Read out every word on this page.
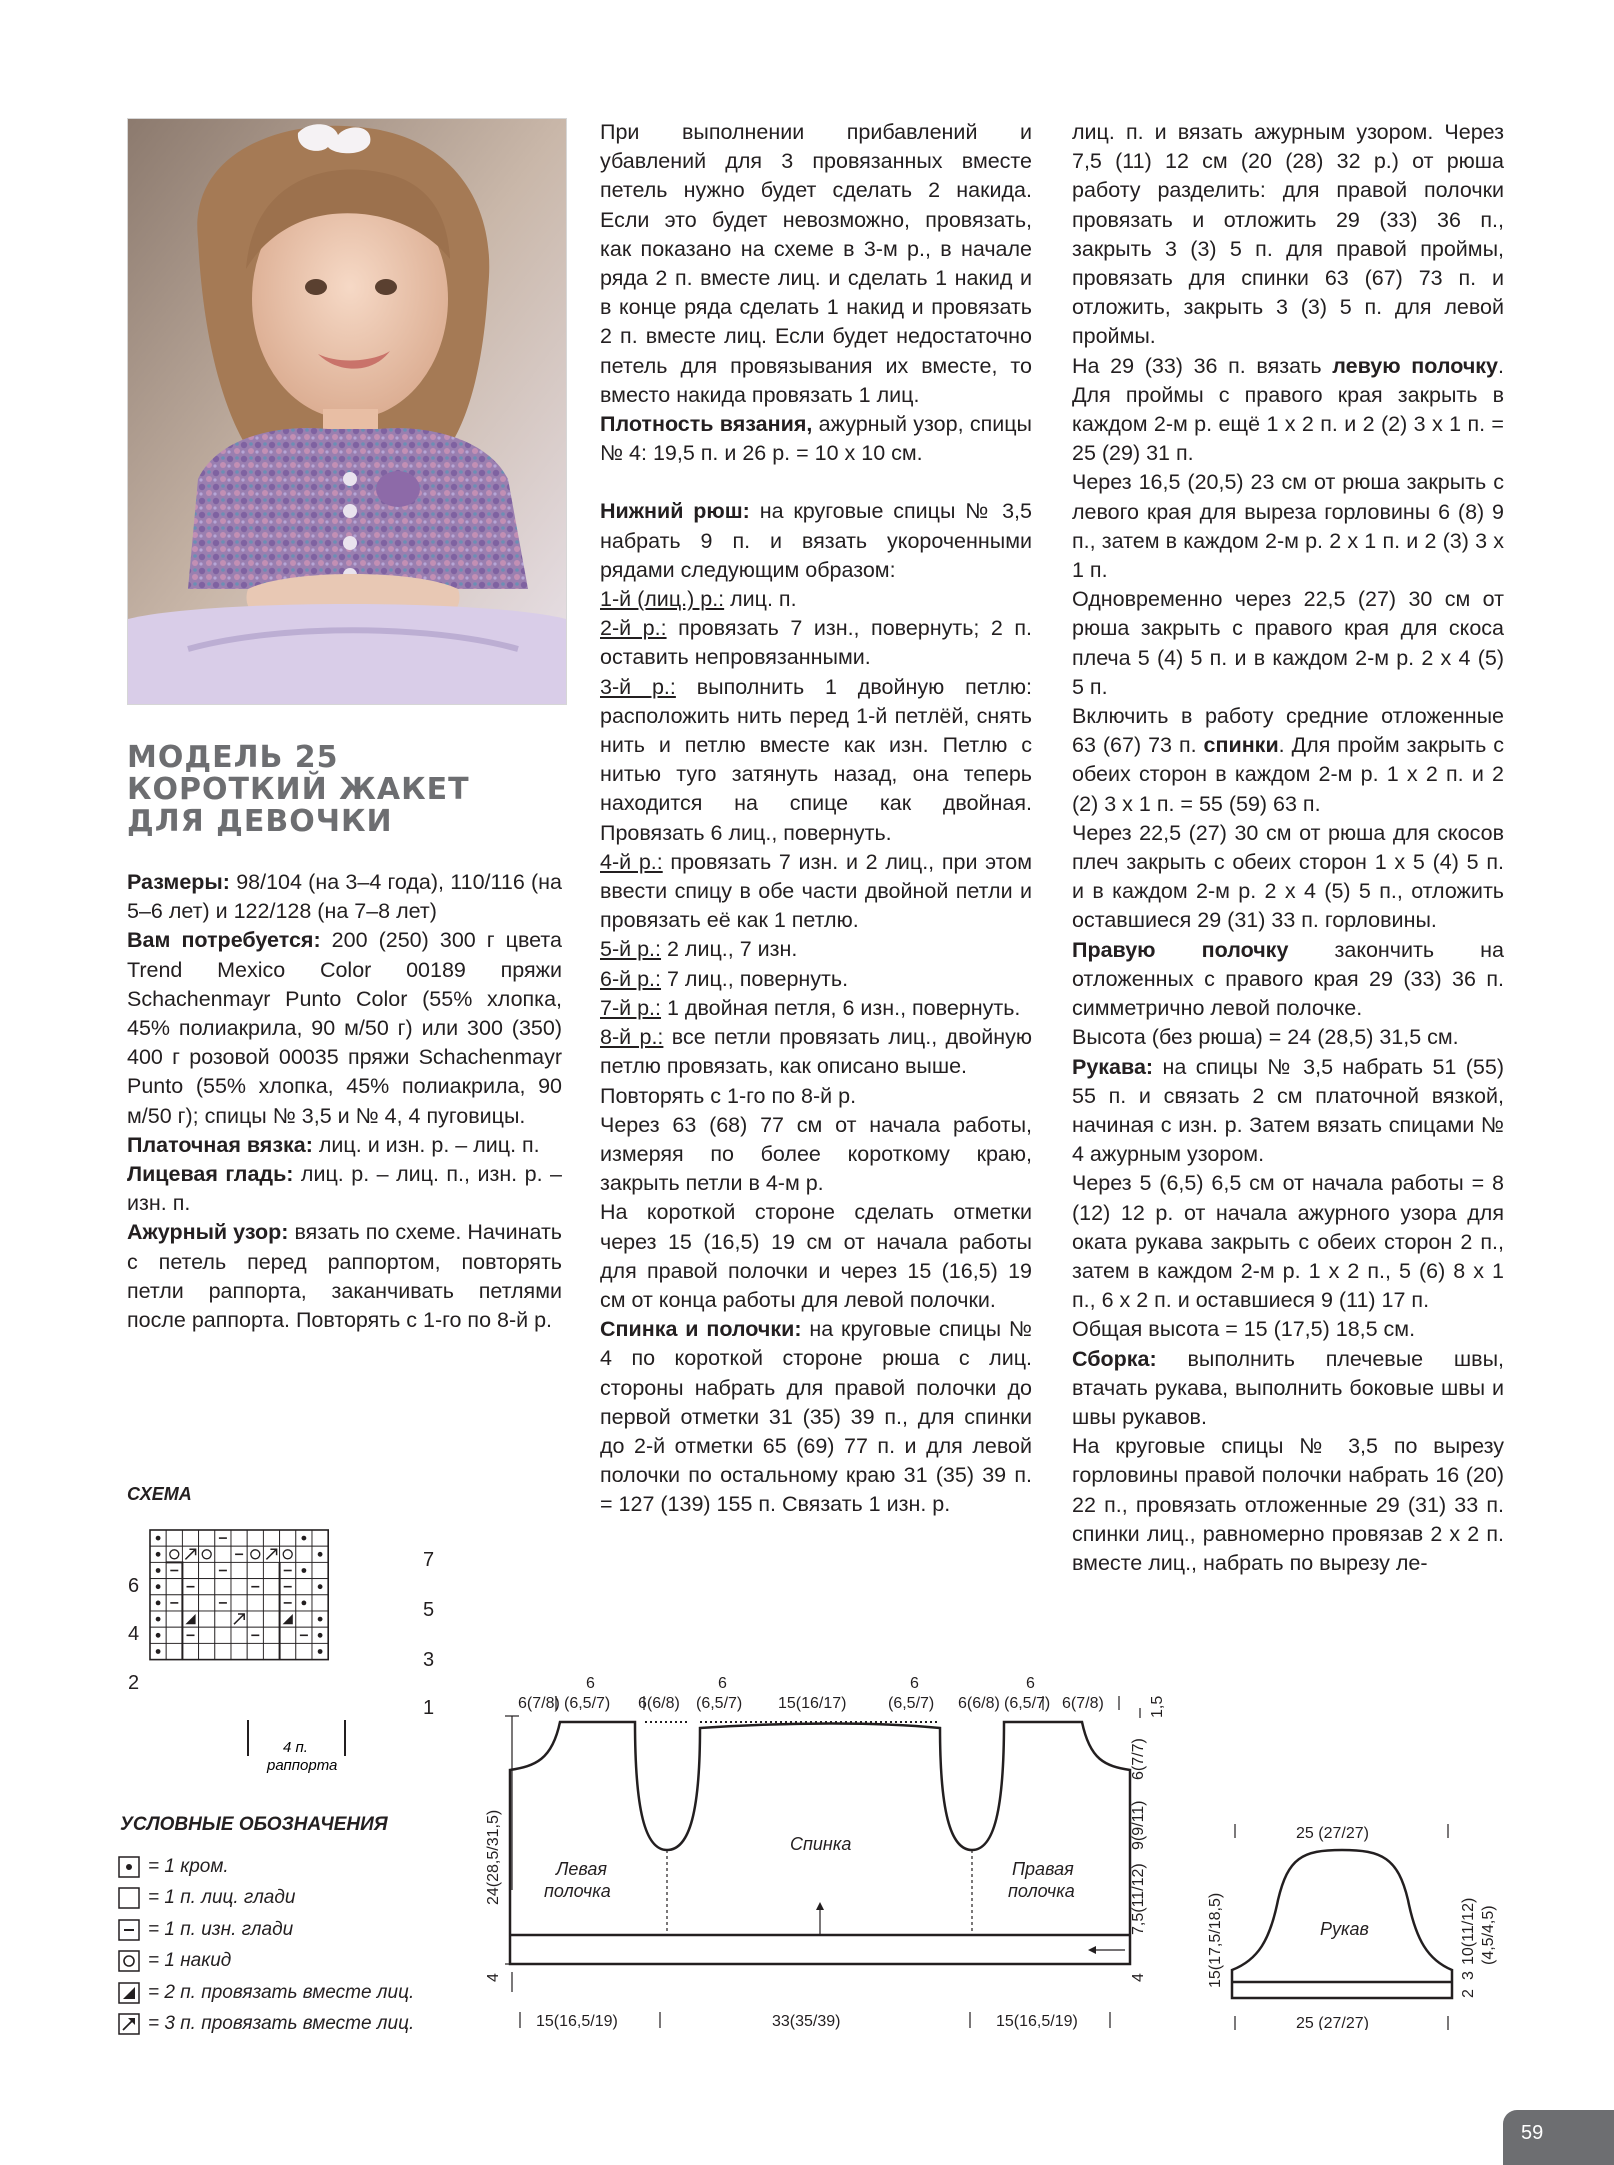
МОДЕЛЬ 25
КОРОТКИЙ ЖАКЕТ
ДЛЯ ДЕВОЧКИ

Размеры: 98/104 (на 3–4 года), 110/116 (на 5–6 лет) и 122/128 (на 7–8 лет)

Вам потребуется: 200 (250) 300 г цвета Trend Mexico Color 00189 пряжи Schachenmayr Punto Color (55% хлопка, 45% полиакрила, 90 м/50 г) или 300 (350) 400 г розовой 00035 пряжи Schachenmayr Punto (55% хлопка, 45% полиакрила, 90 м/50 г); спицы № 3,5 и № 4, 4 пуговицы.

Платочная вязка: лиц. и изн. р. – лиц. п.

Лицевая гладь: лиц. р. – лиц. п., изн. р. – изн. п.

Ажурный узор: вязать по схеме. Начинать с петель перед раппортом, повторять петли раппорта, заканчивать петлями после раппорта. Повторять с 1-го по 8-й р.

При выполнении прибавлений и убавлений для 3 провязанных вместе петель нужно будет сделать 2 накида. Если это будет невозможно, провязать, как показано на схеме в 3-м р., в начале ряда 2 п. вместе лиц. и сделать 1 накид и в конце ряда сделать 1 накид и провязать 2 п. вместе лиц. Если будет недостаточно петель для провязывания их вместе, то вместо накида провязать 1 лиц.

Плотность вязания, ажурный узор, спицы № 4: 19,5 п. и 26 р. = 10 x 10 см.

Нижний рюш: на круговые спицы № 3,5 набрать 9 п. и вязать укороченными рядами следующим образом:

1-й (лиц.) р.: лиц. п.

2-й р.: провязать 7 изн., повернуть; 2 п. оставить непровязанными.

3-й р.: выполнить 1 двойную петлю: расположить нить перед 1-й петлёй, снять нить и петлю вместе как изн. Петлю с нитью туго затянуть назад, она теперь находится на спице как двойная. Провязать 6 лиц., повернуть.

4-й р.: провязать 7 изн. и 2 лиц., при этом ввести спицу в обе части двойной петли и провязать её как 1 петлю.

5-й р.: 2 лиц., 7 изн.

6-й р.: 7 лиц., повернуть.

7-й р.: 1 двойная петля, 6 изн., повернуть.

8-й р.: все петли провязать лиц., двойную петлю провязать, как описано выше.

Повторять с 1-го по 8-й р.

Через 63 (68) 77 см от начала работы, измеряя по более короткому краю, закрыть петли в 4-м р.

На короткой стороне сделать отметки через 15 (16,5) 19 см от начала работы для правой полочки и через 15 (16,5) 19 см от конца работы для левой полочки.

Спинка и полочки: на круговые спицы № 4 по короткой стороне рюша с лиц. стороны набрать для правой полочки до первой отметки 31 (35) 39 п., для спинки до 2-й отметки 65 (69) 77 п. и для левой полочки по остальному краю 31 (35) 39 п. = 127 (139) 155 п. Связать 1 изн. р.

лиц. п. и вязать ажурным узором. Через 7,5 (11) 12 см (20 (28) 32 р.) от рюша работу разделить: для правой полочки провязать и отложить 29 (33) 36 п., закрыть 3 (3) 5 п. для правой проймы, провязать для спинки 63 (67) 73 п. и отложить, закрыть 3 (3) 5 п. для левой проймы.

На 29 (33) 36 п. вязать левую полочку. Для проймы с правого края закрыть в каждом 2-м р. ещё 1 x 2 п. и 2 (2) 3 x 1 п. = 25 (29) 31 п.

Через 16,5 (20,5) 23 см от рюша закрыть с левого края для выреза горловины 6 (8) 9 п., затем в каждом 2-м р. 2 x 1 п. и 2 (3) 3 x 1 п.

Одновременно через 22,5 (27) 30 см от рюша закрыть с правого края для скоса плеча 5 (4) 5 п. и в каждом 2-м р. 2 x 4 (5) 5 п.

Включить в работу средние отложенные 63 (67) 73 п. спинки. Для пройм закрыть с обеих сторон в каждом 2-м р. 1 x 2 п. и 2 (2) 3 x 1 п. = 55 (59) 63 п.

Через 22,5 (27) 30 см от рюша для скосов плеч закрыть с обеих сторон 1 x 5 (4) 5 п. и в каждом 2-м р. 2 x 4 (5) 5 п., отложить оставшиеся 29 (31) 33 п. горловины.

Правую полочку закончить на отложенных с правого края 29 (33) 36 п. симметрично левой полочке.

Высота (без рюша) = 24 (28,5) 31,5 см.

Рукава: на спицы № 3,5 набрать 51 (55) 55 п. и связать 2 см платочной вязкой, начиная с изн. р. Затем вязать спицами № 4 ажурным узором.

Через 5 (6,5) 6,5 см от начала работы = 8 (12) 12 р. от начала ажурного узора для оката рукава закрыть с обеих сторон 2 п., затем в каждом 2-м р. 1 x 2 п., 5 (6) 8 x 1 п., 6 x 2 п. и оставшиеся 9 (11) 17 п.

Общая высота = 15 (17,5) 18,5 см.

Сборка: выполнить плечевые швы, втачать рукава, выполнить боковые швы и швы рукавов.

На круговые спицы № 3,5 по вырезу горловины правой полочки набрать 16 (20) 22 п., провязать отложенные 29 (31) 33 п. спинки лиц., равномерно провязав 2 x 2 п. вместе лиц., набрать по вырезу ле-

СХЕМА

7
5
3
1
6
4
2
4 п.
раппорта

УСЛОВНЫЕ ОБОЗНАЧЕНИЯ

= 1 кром.
= 1 п. лиц. глади
= 1 п. изн. глади
= 1 накид
= 2 п. провязать вместе лиц.
= 3 п. провязать вместе лиц.
6(7/8)
6
(6,5/7) 6(6/8)
6
(6,5/7) 15(16/17)
6
(6,5/7) 6(6/8)
6
(6,5/7) 6(7/8)
24(28,5/31,5)
4
1,5
6(7/7)
9(9/11)
7,5(11/12)
4
Левая
полочка
Спинка
Правая
полочка
15(16,5/19)	33(35/39)	15(16,5/19)
25 (27/27)
25 (27/27)
Рукав
15(17,5/18,5)
2
3
10(11/12) (4,5/4,5)
59
